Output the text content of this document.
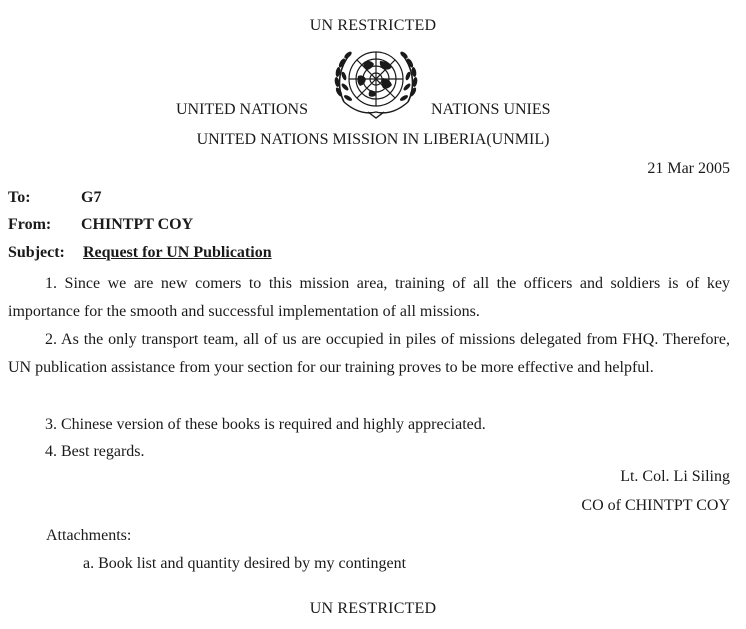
UN RESTRICTED
UNITED NATIONS	NATIONS UNIES
UNITED NATIONS MISSION IN LIBERIA(UNMIL)
21 Mar 2005
To:	G7
From:	CHINTPT COY
Subject:	Request for UN Publication
1. Since we are new comers to this mission area, training of all the officers and soldiers is of key importance for the smooth and successful implementation of all missions.
2. As the only transport team, all of us are occupied in piles of missions delegated from FHQ. Therefore, UN publication assistance from your section for our training proves to be more effective and helpful.
3. Chinese version of these books is required and highly appreciated.
4. Best regards.
Lt. Col. Li Siling
CO of CHINTPT COY
Attachments:
a. Book list and quantity desired by my contingent
UN RESTRICTED
